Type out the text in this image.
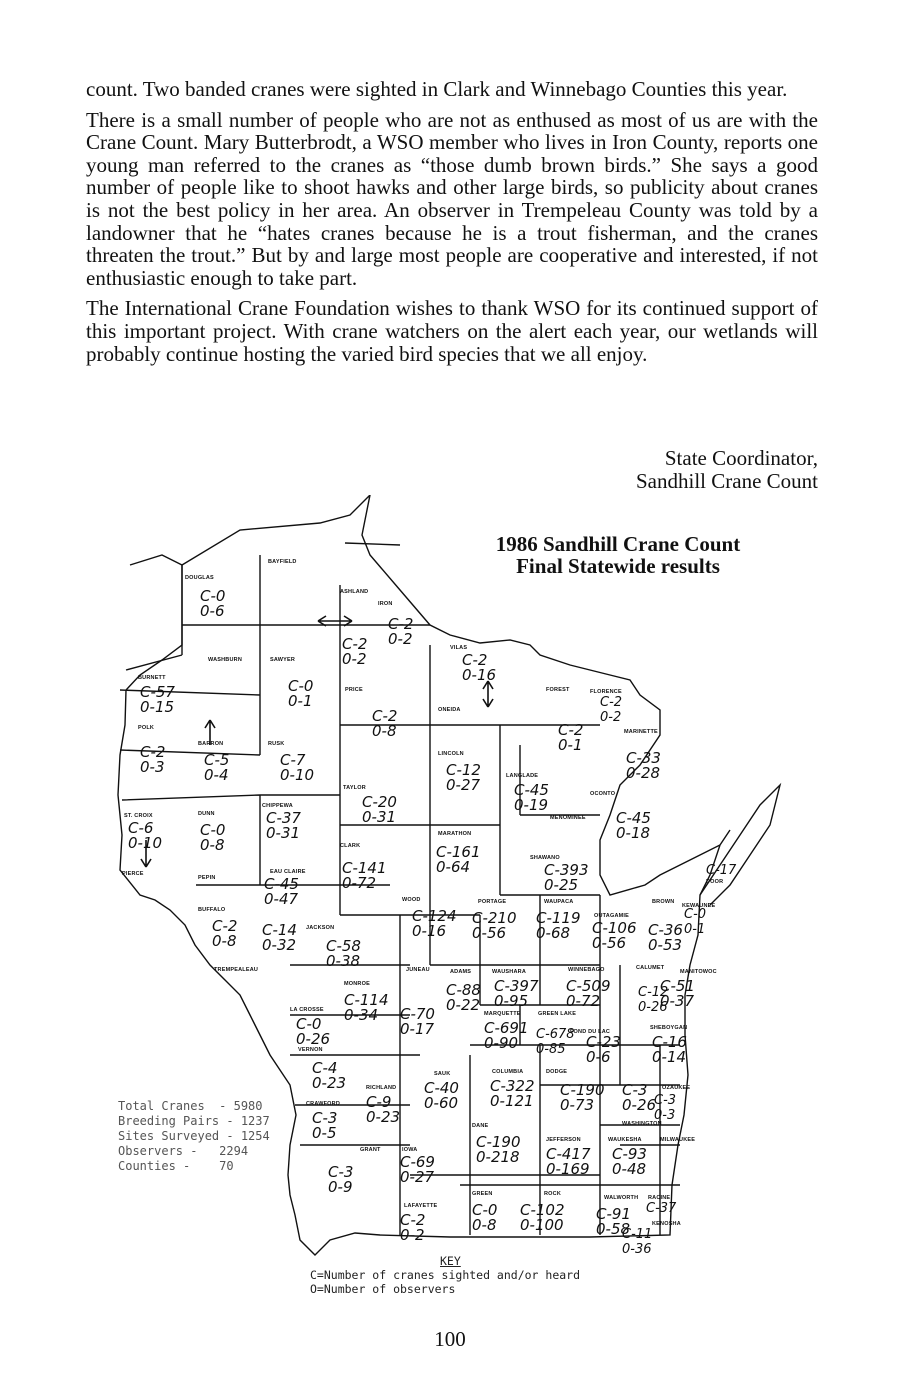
count. Two banded cranes were sighted in Clark and Winnebago Counties this year.

There is a small number of people who are not as enthused as most of us are with the Crane Count. Mary Butterbrodt, a WSO member who lives in Iron County, reports one young man referred to the cranes as “those dumb brown birds.” She says a good number of people like to shoot hawks and other large birds, so publicity about cranes is not the best policy in her area. An observer in Trempeleau County was told by a landowner that he “hates cranes because he is a trout fisherman, and the cranes threaten the trout.” But by and large most people are cooperative and interested, if not enthusiastic enough to take part.

The International Crane Foundation wishes to thank WSO for its continued support of this important project. With crane watchers on the alert each year, our wetlands will probably continue hosting the varied bird species that we all enjoy.

State Coordinator,
Sandhill Crane Count
1986 Sandhill Crane Count
Final Statewide results
DOUGLAS
C-0
0-6
BAYFIELD
ASHLAND
C-2
0-2
IRON
C-2
0-2	VILAS
C-2
0-16
BURNETT
C-57
0-15
WASHBURN	SAWYER
C-0
0-1
PRICE
C-2
0-8
ONEIDA
FOREST
C-2
0-1
FLORENCE
C-2
0-2
MARINETTE
C-33
0-28
POLK
C-2
0-3
BARRON
C-5
0-4
RUSK
C-7
0-10
TAYLOR
C-20
0-31
LINCOLN
C-12
0-27	LANGLADE
C-45
0-19
OCONTO
ST. CROIX
C-6
0-10
DUNN
C-0
0-8
CHIPPEWA
C-37
0-31
CLARK
C-141
0-72
MARATHON
C-161
0-64
MENOMINEE C-45
0-18
SHAWANO
C-393
0-25
PIERCE
PEPIN
EAU CLAIRE
C-45
0-47
DOOR
C-17
KEWAUNEE
C-0
0-1
BUFFALO
C-2
0-8
TREMPEALEAU
C-14
0-32
JACKSON
C-58
0-38
WOOD
C-124
0-16
PORTAGE
C-210
0-56
WAUPACA
C-119
0-68
OUTAGAMIE
C-106
0-56
BROWN
C-36
0-53
MANITOWOC
C-51
0-37
CALUMET
C-12
0-26
LA CROSSE
C-0
0-26
MONROE
C-114
0-34
JUNEAU
C-70
0-17
ADAMS
C-88
0-22
WAUSHARA
C-397
0-95
WINNEBAGO
C-509
0-72
MARQUETTE
C-691
0-90
GREEN LAKE
C-678
0-85
FOND DU LAC
C-23
0-6
SHEBOYGAN
C-16
0-14
VERNON
C-4
0-23	RICHLAND
C-9
0-23
SAUK
C-40
0-60
COLUMBIA
C-322
0-121
DODGE
C-190
0-73
WASHINGTON
C-3
0-26
OZAUKEE
C-3
0-3
CRAWFORD
C-3
0-5
GRANT
C-3
0-9
IOWA
C-69
0-27
DANE
C-190
0-218
JEFFERSON
C-417
0-169
WAUKESHA
C-93
0-48
MILWAUKEE
LAFAYETTE
C-2
0-2
GREEN
C-0
0-8
ROCK
C-102
0-100
WALWORTH
C-91
0-58
RACINE
C-37
KENOSHA
C-11
0-36
Total Cranes  - 5980
Breeding Pairs - 1237
Sites Surveyed - 1254
Observers -   2294
Counties -    70
KEY
C=Number of cranes sighted and/or heard
O=Number of observers
100
